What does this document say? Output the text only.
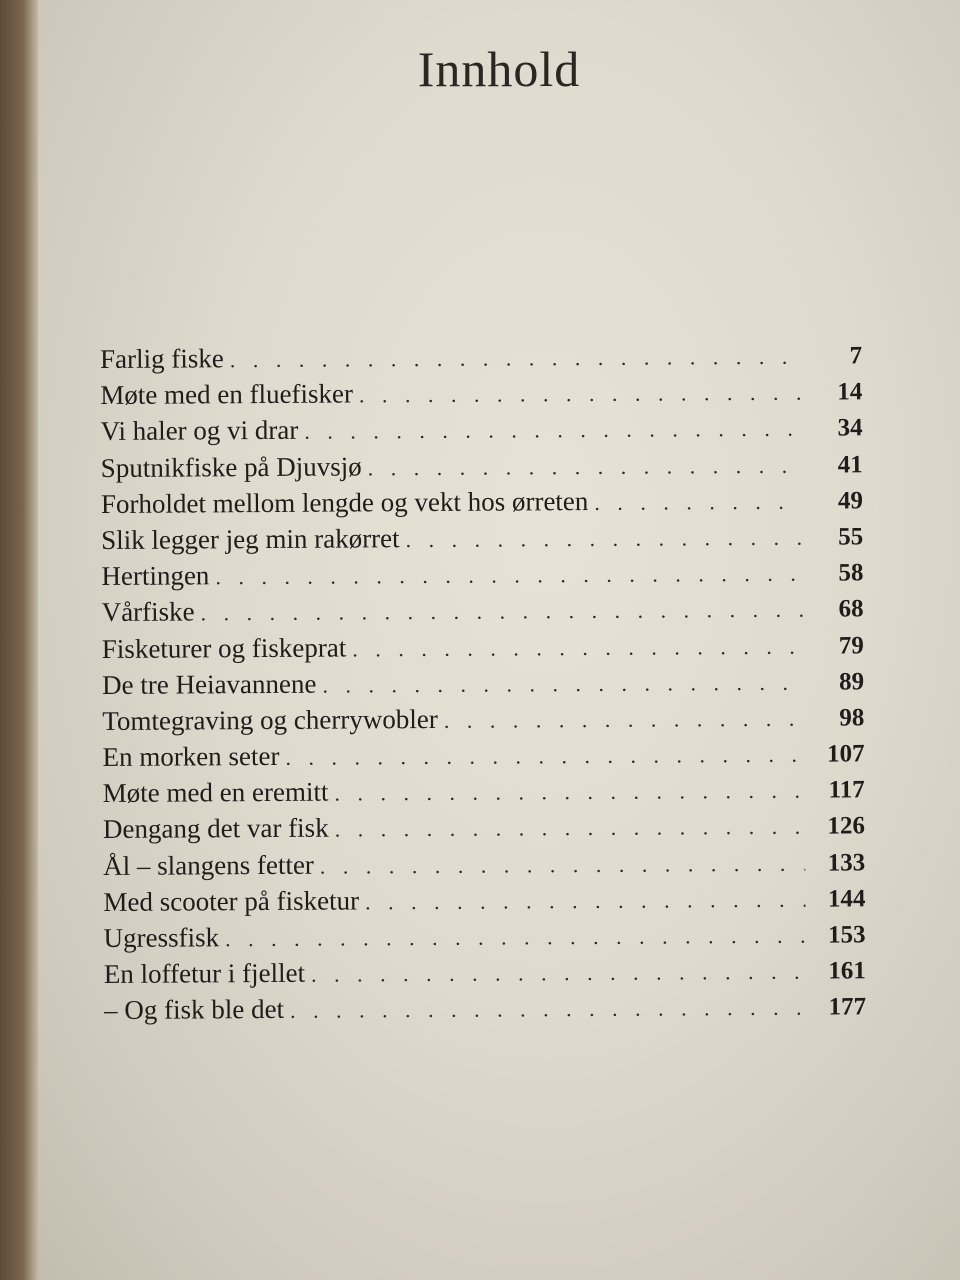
Innhold
Farlig fiske . . .	7
Møte med en fluefisker . . .	14
Vi haler og vi drar . . .	34
Sputnikfiske på Djuvsjø . . .	41
Forholdet mellom lengde og vekt hos ørreten . . .	49
Slik legger jeg min rakørret . . .	55
Hertingen . . .	58
Vårfiske . . .	68
Fisketurer og fiskeprat . . .	79
De tre Heiavannene . . .	89
Tomtegraving og cherrywobler . . .	98
En morken seter . . .	107
Møte med en eremitt . . .	117
Dengang det var fisk . . .	126
Ål – slangens fetter . . .	133
Med scooter på fisketur . . .	144
Ugressfisk . . .	153
En loffetur i fjellet . . .	161
– Og fisk ble det . . .	177
